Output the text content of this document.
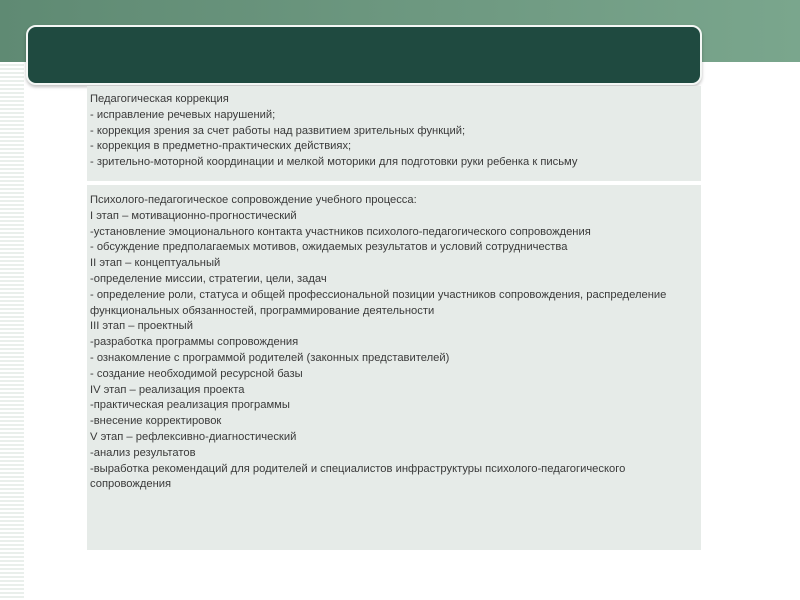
Педагогическая коррекция
- исправление речевых нарушений;
- коррекция зрения за счет работы над развитием зрительных функций;
- коррекция в предметно-практических действиях;
- зрительно-моторной координации и мелкой моторики для подготовки руки ребенка к письму

Психолого-педагогическое сопровождение учебного процесса:
I этап – мотивационно-прогностический
-установление эмоционального контакта участников психолого-педагогического сопровождения
- обсуждение предполагаемых мотивов, ожидаемых результатов и условий сотрудничества
II этап – концептуальный
-определение миссии, стратегии, цели, задач
- определение роли, статуса и общей профессиональной позиции участников сопровождения, распределение функциональных обязанностей, программирование деятельности
III этап – проектный
-разработка программы сопровождения
- ознакомление с программой родителей (законных представителей)
- создание необходимой ресурсной базы
IV этап – реализация проекта
-практическая реализация программы
-внесение корректировок
V этап – рефлексивно-диагностический
-анализ результатов
-выработка рекомендаций для родителей и специалистов инфраструктуры психолого-педагогического сопровождения
